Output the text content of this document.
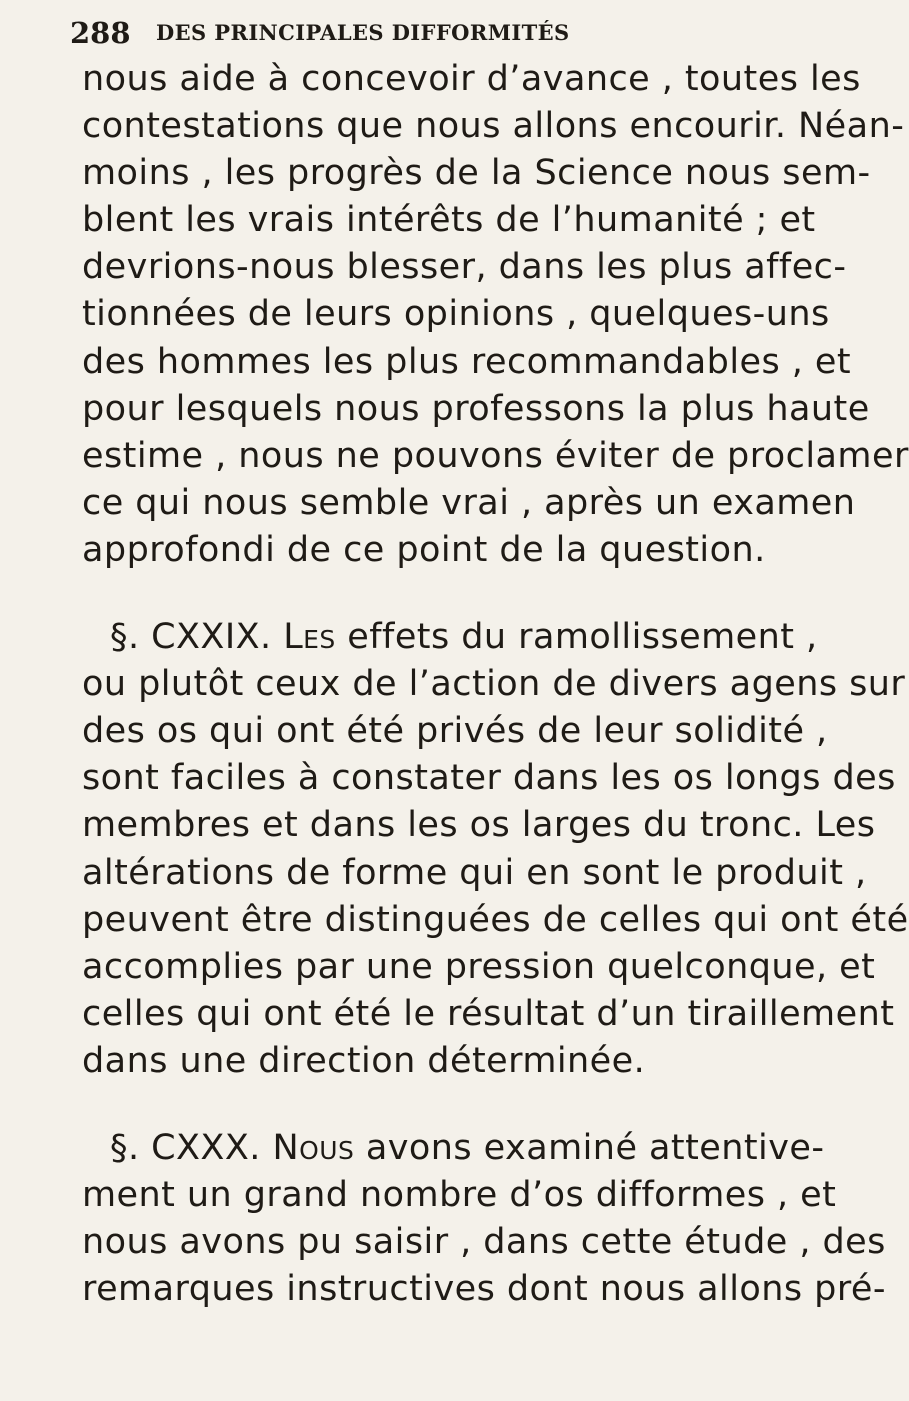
288 DES PRINCIPALES DIFFORMITÉS
nous aide à concevoir d’avance , toutes les
contestations que nous allons encourir. Néan-
moins , les progrès de la Science nous sem-
blent les vrais intérêts de l’humanité ; et
devrions-nous blesser, dans les plus affec-
tionnées de leurs opinions , quelques-uns
des hommes les plus recommandables , et
pour lesquels nous professons la plus haute
estime , nous ne pouvons éviter de proclamer
ce qui nous semble vrai , après un examen
approfondi de ce point de la question.
§. CXXIX. Les effets du ramollissement ,
ou plutôt ceux de l’action de divers agens sur
des os qui ont été privés de leur solidité ,
sont faciles à constater dans les os longs des
membres et dans les os larges du tronc. Les
altérations de forme qui en sont le produit ,
peuvent être distinguées de celles qui ont été
accomplies par une pression quelconque, et
celles qui ont été le résultat d’un tiraillement
dans une direction déterminée.
§. CXXX. Nous avons examiné attentive-
ment un grand nombre d’os difformes , et
nous avons pu saisir , dans cette étude , des
remarques instructives dont nous allons pré-
